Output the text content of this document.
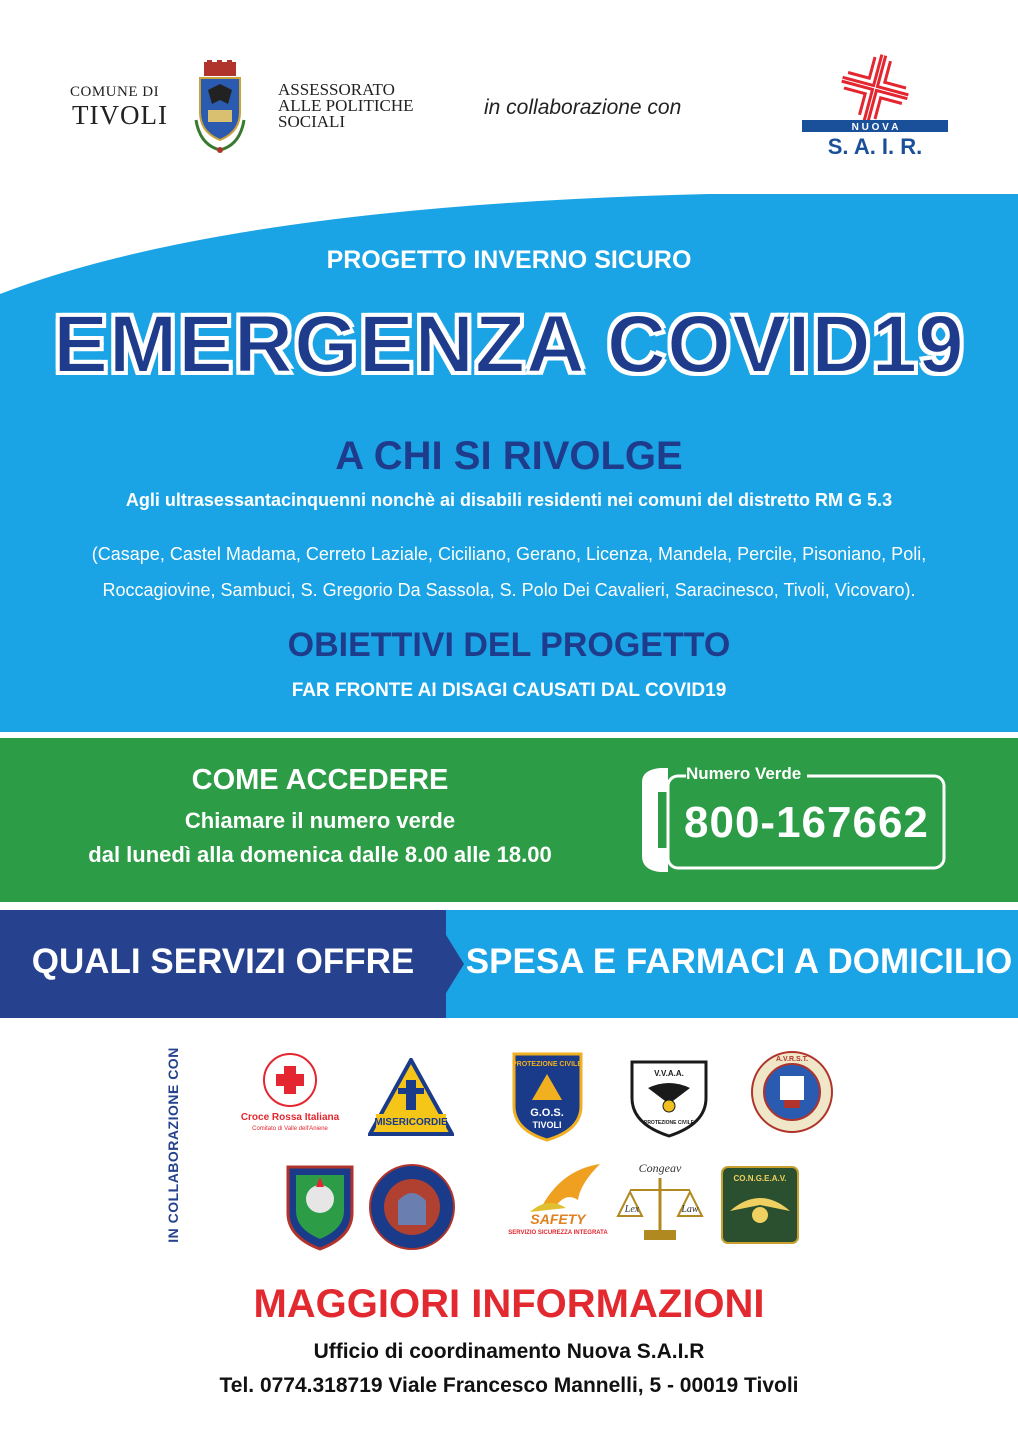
COMUNE DI
TIVOLI
ASSESSORATO
ALLE POLITICHE
SOCIALI
in collaborazione con
N U O V A
S. A. I. R.
PROGETTO INVERNO SICURO
EMERGENZA COVID19
A CHI SI RIVOLGE
Agli ultrasessantacinquenni nonchè ai disabili residenti nei comuni del distretto RM G 5.3
(Casape, Castel Madama, Cerreto Laziale, Ciciliano, Gerano, Licenza, Mandela, Percile, Pisoniano, Poli,
Roccagiovine, Sambuci, S. Gregorio Da Sassola, S. Polo Dei Cavalieri, Saracinesco, Tivoli, Vicovaro).
OBIETTIVI DEL PROGETTO
FAR FRONTE AI DISAGI CAUSATI DAL COVID19
COME ACCEDERE
Chiamare il numero verde
dal lunedì alla domenica dalle 8.00 alle 18.00
Numero Verde
800-167662
QUALI SERVIZI OFFRE	SPESA E FARMACI A DOMICILIO
IN COLLABORAZIONE CON	Croce Rossa Italiana
Comitato di Valle dell'Aniene
MISERICORDIE
PROTEZIONE CIVILE
G.O.S.
TIVOLI
V.V.A.A.
PROTEZIONE CIVILE
A.V.R.S.T.
SAFETY
SERVIZIO SICUREZZA INTEGRATA
Congeav
Lex	Law
CO.N.G.E.A.V.
MAGGIORI INFORMAZIONI
Ufficio di coordinamento Nuova S.A.I.R
Tel. 0774.318719 Viale Francesco Mannelli, 5 - 00019 Tivoli
